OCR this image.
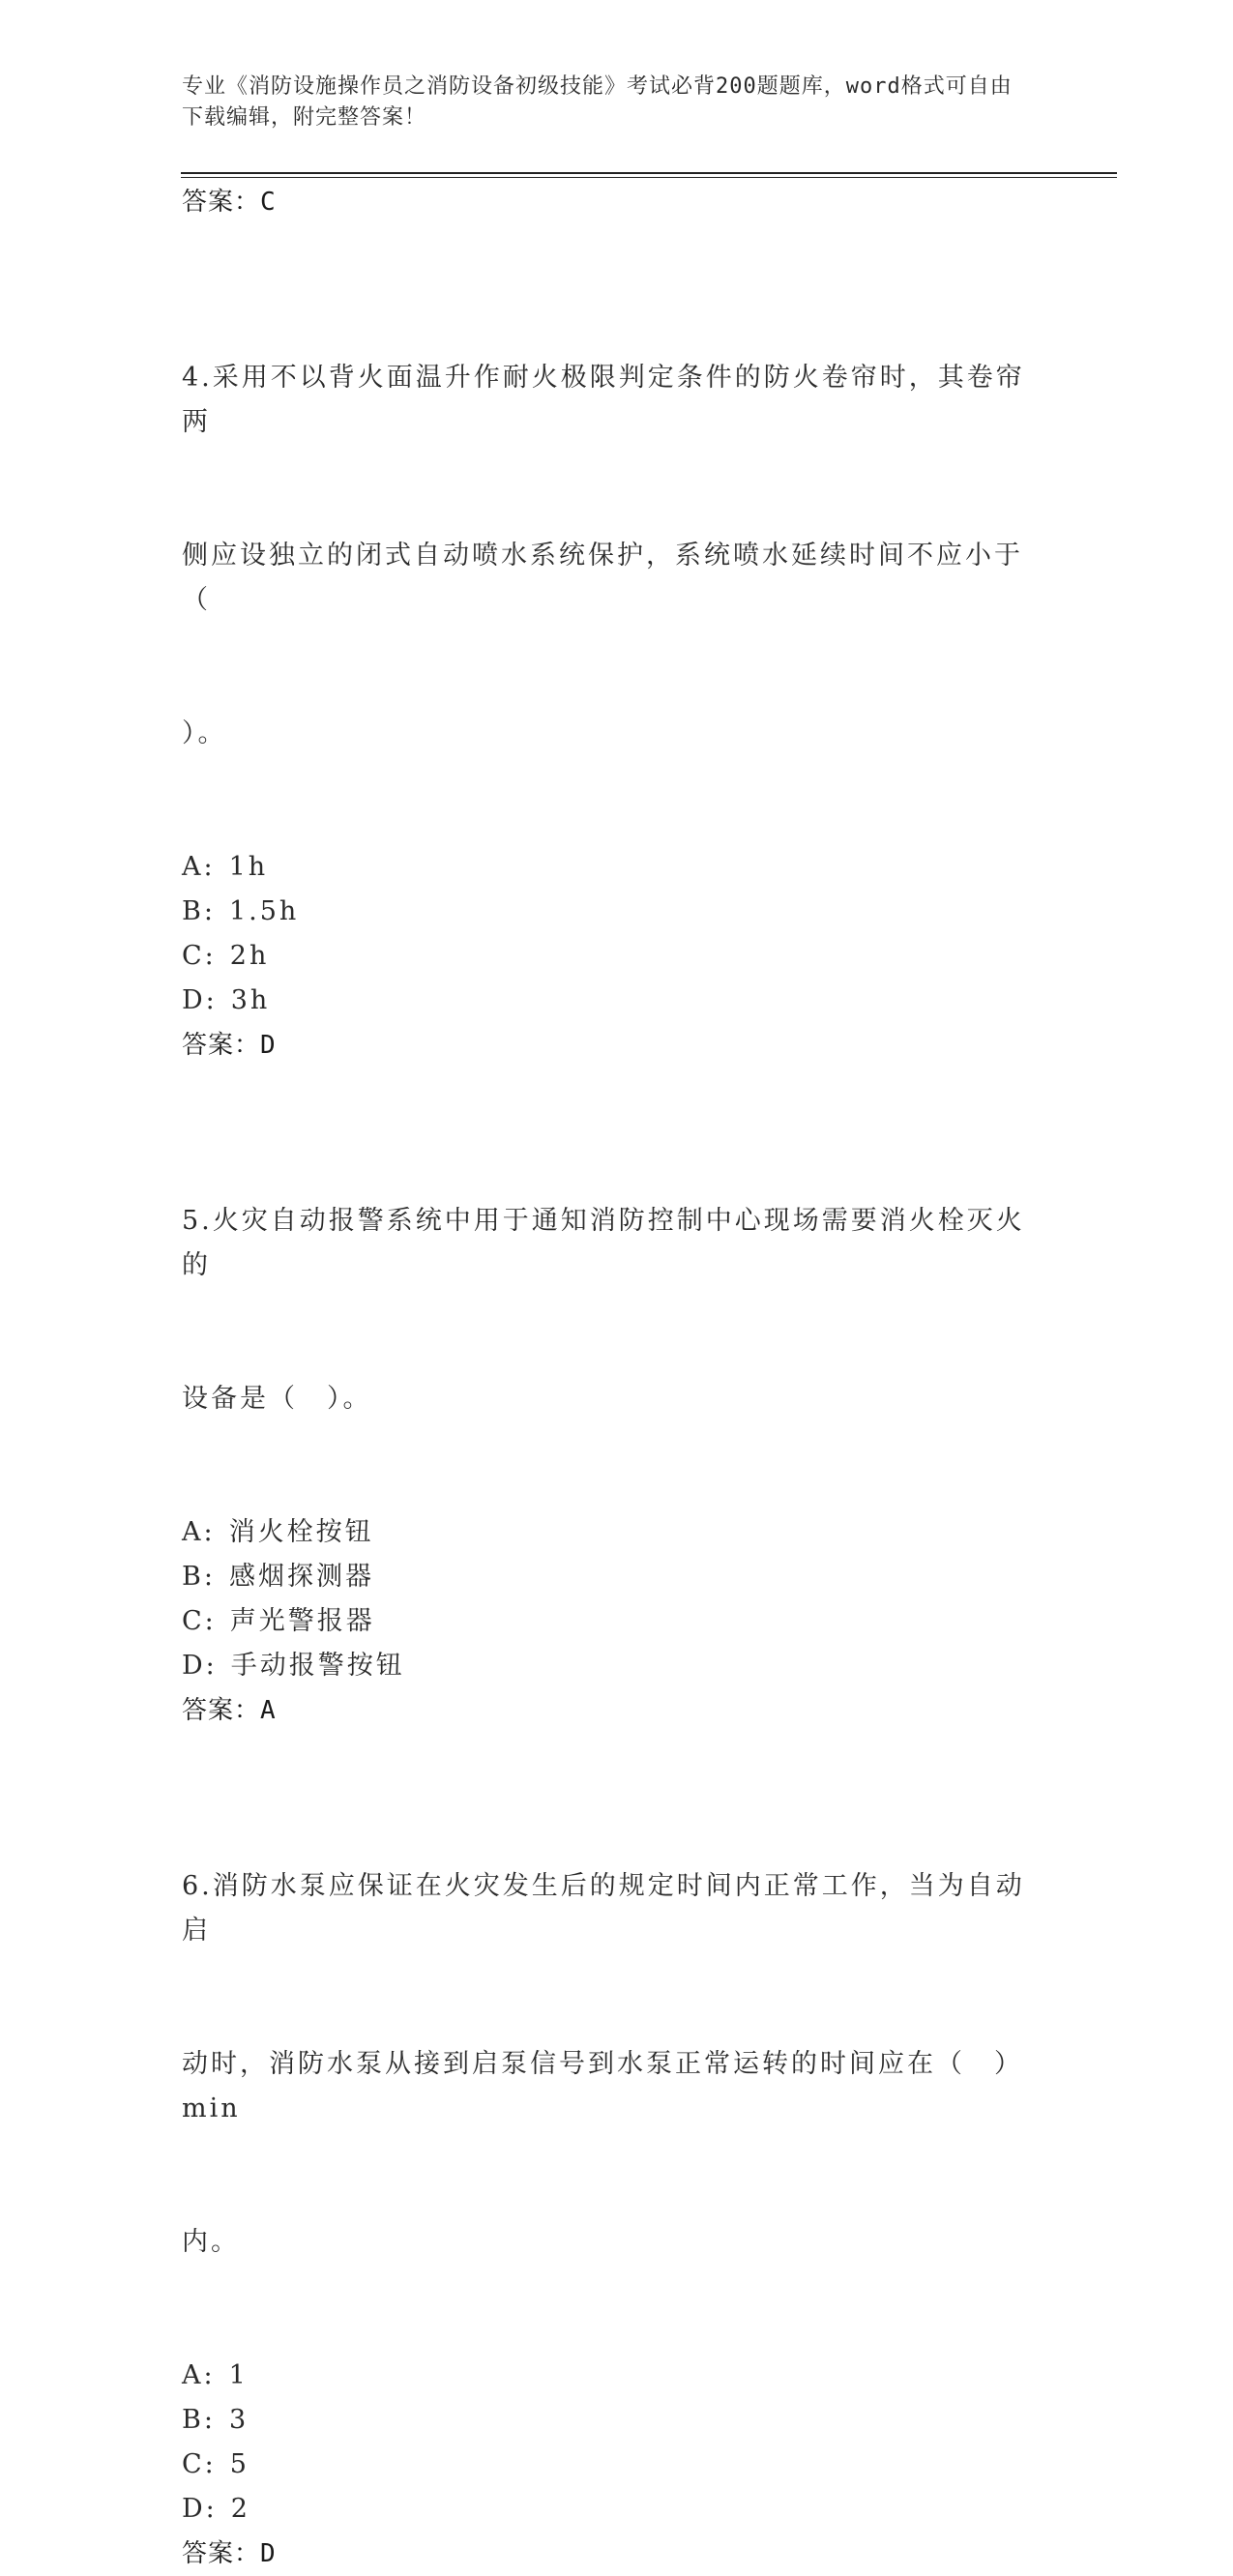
专业《消防设施操作员之消防设备初级技能》考试必背200题题库，word格式可自由下载编辑，附完整答案！
答案：C

4.采用不以背火面温升作耐火极限判定条件的防火卷帘时，其卷帘两

侧应设独立的闭式自动喷水系统保护，系统喷水延续时间不应小于（

）。

A: 1h
B: 1.5h
C: 2h
D: 3h
答案：D

5.火灾自动报警系统中用于通知消防控制中心现场需要消火栓灭火的

设备是（　）。

A: 消火栓按钮
B: 感烟探测器
C: 声光警报器
D: 手动报警按钮
答案：A

6.消防水泵应保证在火灾发生后的规定时间内正常工作，当为自动启

动时，消防水泵从接到启泵信号到水泵正常运转的时间应在（　）min

内。

A: 1
B: 3
C: 5
D: 2
答案：D
